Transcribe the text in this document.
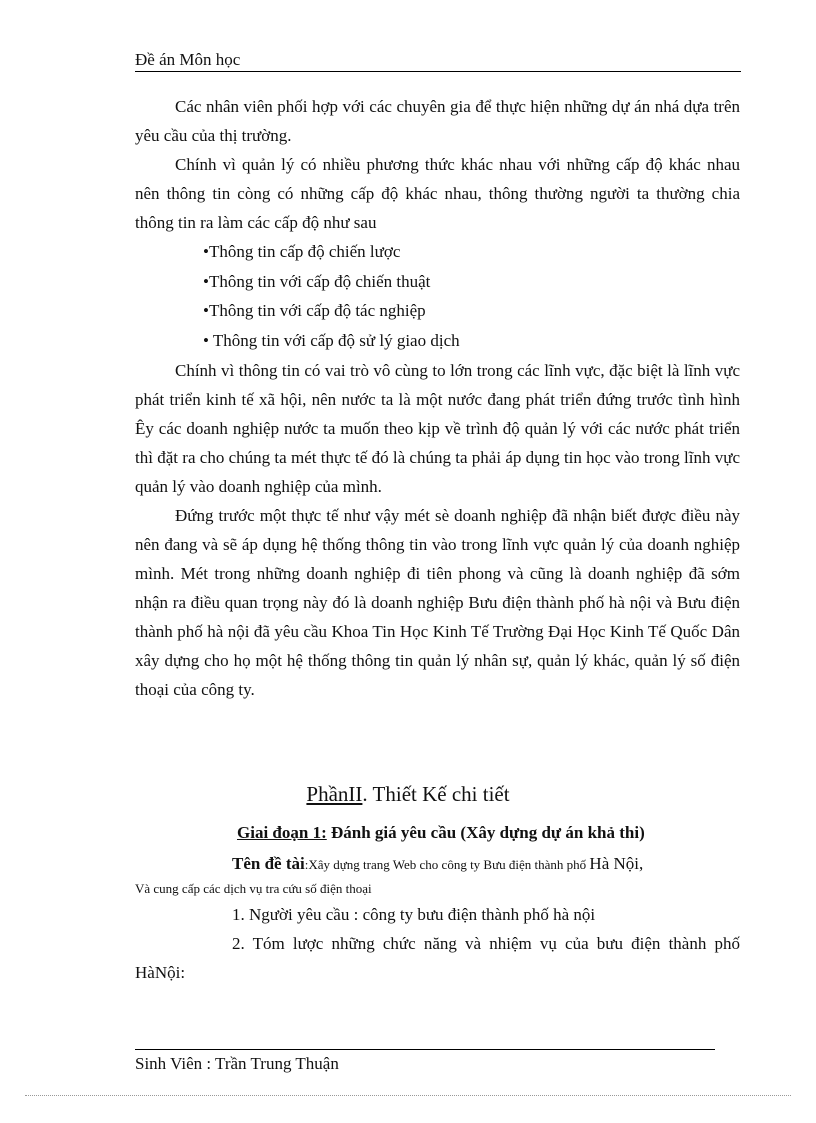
Đề án Môn học

Các nhân viên phối hợp với các chuyên gia để thực hiện những dự án nhá dựa trên yêu cầu của thị trường.

Chính vì quản lý có nhiều phương thức khác nhau với những cấp độ khác nhau nên thông tin còng có những cấp độ khác nhau, thông thường người ta thường chia thông tin ra làm các cấp độ như sau

•Thông tin cấp độ chiến lược
•Thông tin với cấp độ chiến thuật
•Thông tin với cấp độ tác nghiệp
• Thông tin với cấp độ sử lý giao dịch

Chính vì thông tin có vai trò vô cùng to lớn trong các lĩnh vực, đặc biệt là lĩnh vực phát triển kinh tế xã hội, nên nước ta là một nước đang phát triển đứng trước tình hình Êy các doanh nghiệp nước ta muốn theo kịp về trình độ quản lý với các nước phát triển thì đặt ra cho chúng ta mét thực tế đó là chúng ta phải áp dụng tin học vào trong lĩnh vực quản lý vào doanh nghiệp của mình.

Đứng trước một thực tế như vậy mét sè doanh nghiệp đã nhận biết được điều này nên đang và sẽ áp dụng hệ thống thông tin vào trong lĩnh vực quản lý của doanh nghiệp mình. Mét trong những doanh nghiệp đi tiên phong và cũng là doanh nghiệp đã sớm nhận ra điều quan trọng này đó là doanh nghiệp Bưu điện thành phố hà nội và Bưu điện thành phố hà nội đã yêu cầu Khoa Tin Học Kinh Tế Trường Đại Học Kinh Tế Quốc Dân xây dựng cho họ một hệ thống thông tin quản lý nhân sự, quản lý khác, quản lý số điện thoại của công ty.

PhầnII. Thiết Kế chi tiết
Giai đoạn 1: Đánh giá yêu cầu (Xây dựng dự án khả thi)
Tên đề tài:Xây dựng trang Web cho công ty Bưu điện thành phố Hà Nội,
Và cung cấp các dịch vụ tra cứu số điện thoại
1. Người yêu cầu : công ty bưu điện thành phố hà nội
2. Tóm lược những chức năng và nhiệm vụ của bưu điện thành phố HàNội:
Sinh Viên : Trần Trung Thuận
